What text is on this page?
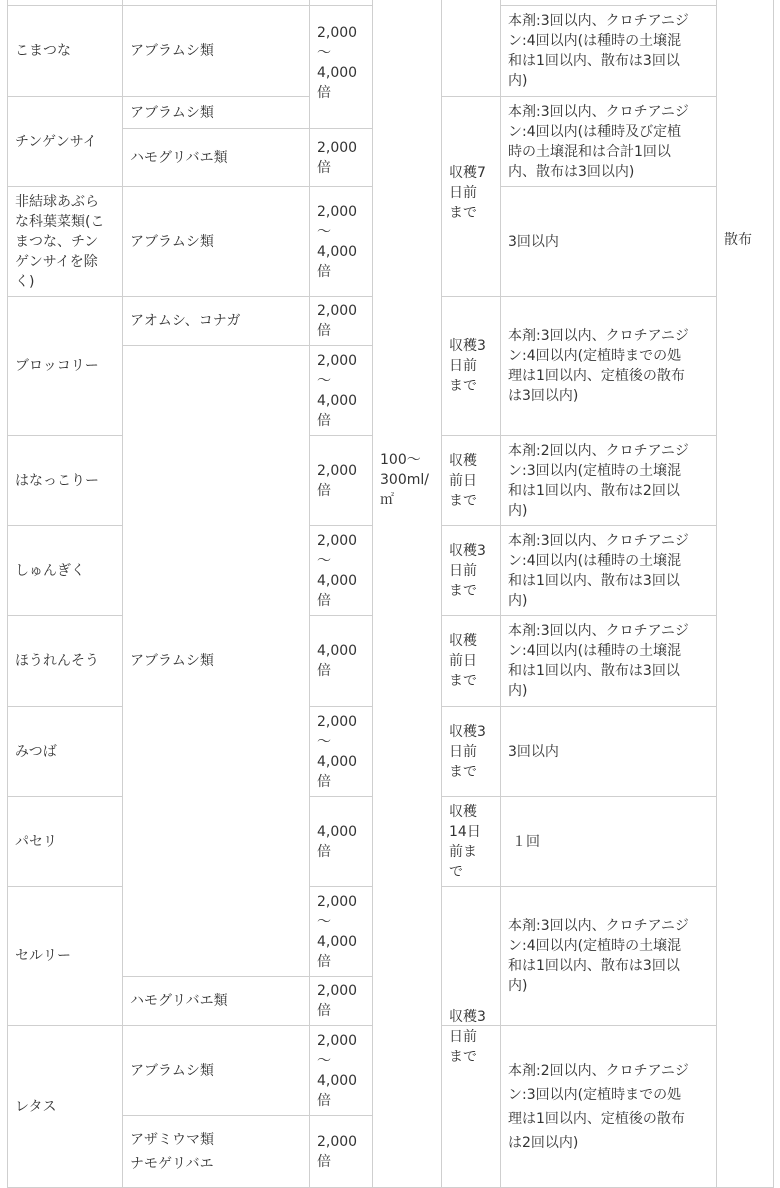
こまつな
チンゲンサイ
非結球あぶら
な科葉菜類(こ
まつな、チン
ゲンサイを除
く)
ブロッコリー
はなっこりー
しゅんぎく
ほうれんそう
みつば
パセリ
セルリー
レタス
アブラムシ類
アブラムシ類
ハモグリバエ類
アブラムシ類
アオムシ、コナガ
アブラムシ類
ハモグリバエ類
アブラムシ類
アザミウマ類
ナモゲリバエ
2,000
〜
4,000
倍
2,000
倍
2,000
〜
4,000
倍
2,000
倍
2,000
〜
4,000
倍
2,000
倍
2,000
〜
4,000
倍
4,000
倍
2,000
〜
4,000
倍
4,000
倍
2,000
〜
4,000
倍
2,000
倍
2,000
〜
4,000
倍
2,000
倍
100〜
300ml/
㎡
収穫7
日前
まで
収穫3
日前
まで
収穫
前日
まで
収穫3
日前
まで
収穫
前日
まで
収穫3
日前
まで
収穫
14日
前ま
で
収穫3
日前
まで
本剤:3回以内、クロチアニジ
ン:4回以内(は種時の土壌混
和は1回以内、散布は3回以
内)
本剤:3回以内、クロチアニジ
ン:4回以内(は種時及び定植
時の土壌混和は合計1回以
内、散布は3回以内)
3回以内
本剤:3回以内、クロチアニジ
ン:4回以内(定植時までの処
理は1回以内、定植後の散布
は3回以内)
本剤:2回以内、クロチアニジ
ン:3回以内(定植時の土壌混
和は1回以内、散布は2回以
内)
本剤:3回以内、クロチアニジ
ン:4回以内(は種時の土壌混
和は1回以内、散布は3回以
内)
本剤:3回以内、クロチアニジ
ン:4回以内(は種時の土壌混
和は1回以内、散布は3回以
内)
3回以内
１回
本剤:3回以内、クロチアニジ
ン:4回以内(定植時の土壌混
和は1回以内、散布は3回以
内)
本剤:2回以内、クロチアニジ
ン:3回以内(定植時までの処
理は1回以内、定植後の散布
は2回以内)
散布
